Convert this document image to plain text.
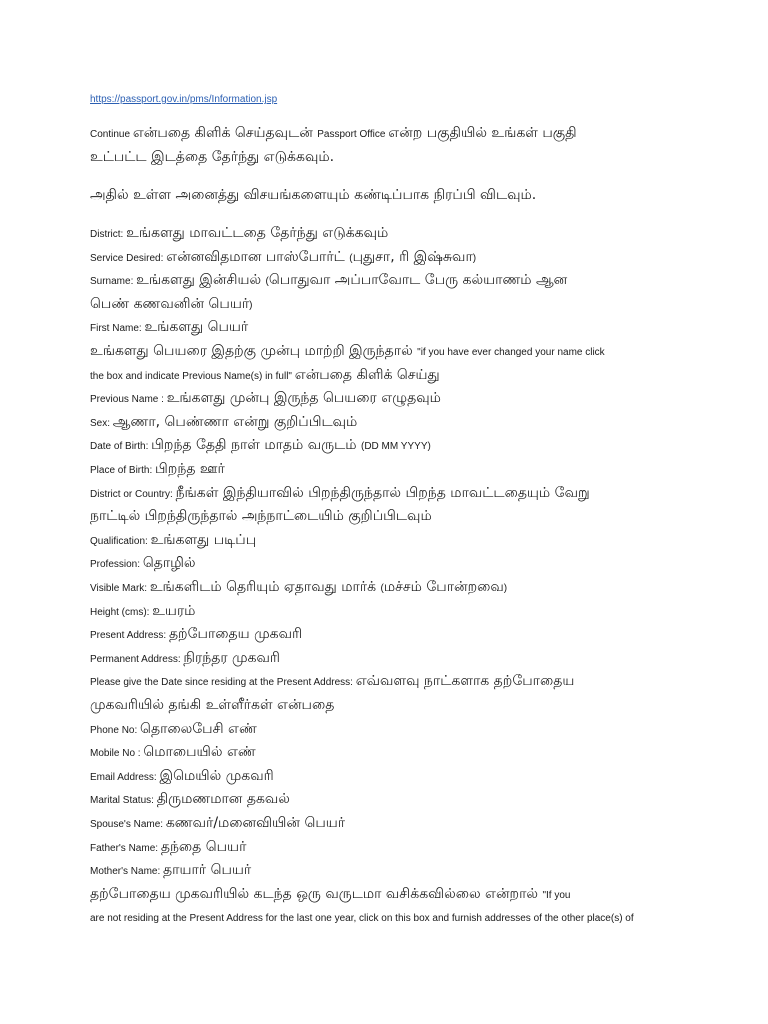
https://passport.gov.in/pms/Information.jsp
Continue என்பதை கிளிக் செய்தவுடன் Passport Office என்ற பகுதியில் உங்கள் பகுதி
உட்பட்ட இடத்தை தேர்ந்து எடுக்கவும்.
அதில் உள்ள அனைத்து விசயங்களையும் கண்டிப்பாக நிரப்பி விடவும்.
District: உங்களது மாவட்டதை தேர்ந்து எடுக்கவும்
Service Desired: என்னவிதமான பாஸ்போர்ட் (புதுசா, ரி இஷ்சுவா)
Surname: உங்களது இன்சியல் (பொதுவா அப்பாவோட பேரு கல்யாணம் ஆன
பெண் கணவனின் பெயர்)
First Name: உங்களது பெயர்
உங்களது பெயரை இதற்கு முன்பு மாற்றி இருந்தால் "if you have ever changed your name click
the box and indicate Previous Name(s) in full" என்பதை கிளிக் செய்து
Previous Name : உங்களது முன்பு இருந்த பெயரை எழுதவும்
Sex: ஆணா, பெண்ணா என்று குறிப்பிடவும்
Date of Birth: பிறந்த தேதி நாள் மாதம் வருடம் (DD MM YYYY)
Place of Birth: பிறந்த ஊர்
District or Country: நீங்கள் இந்தியாவில் பிறந்திருந்தால் பிறந்த மாவட்டதையும் வேறு
நாட்டில் பிறந்திருந்தால் அந்நாட்டையிம் குறிப்பிடவும்
Qualification: உங்களது படிப்பு
Profession: தொழில்
Visible Mark: உங்களிடம் தெரியும் ஏதாவது மார்க் (மச்சம் போன்றவை)
Height (cms): உயரம்
Present Address: தற்போதைய முகவரி
Permanent Address: நிரந்தர முகவரி
Please give the Date since residing at the Present Address: எவ்வளவு நாட்களாக தற்போதைய
முகவரியில் தங்கி உள்ளீர்கள் என்பதை
Phone No: தொலைபேசி எண்
Mobile No : மொபையில் எண்
Email Address: இமெயில் முகவரி
Marital Status: திருமணமான தகவல்
Spouse's Name: கணவர்/மனைவியின் பெயர்
Father's Name: தந்தை பெயர்
Mother's Name: தாயார் பெயர்
தற்போதைய முகவரியில் கடந்த ஒரு வருடமா வசிக்கவில்லை என்றால் "If you
are not residing at the Present Address for the last one year, click on this box and furnish addresses of the other place(s) of
